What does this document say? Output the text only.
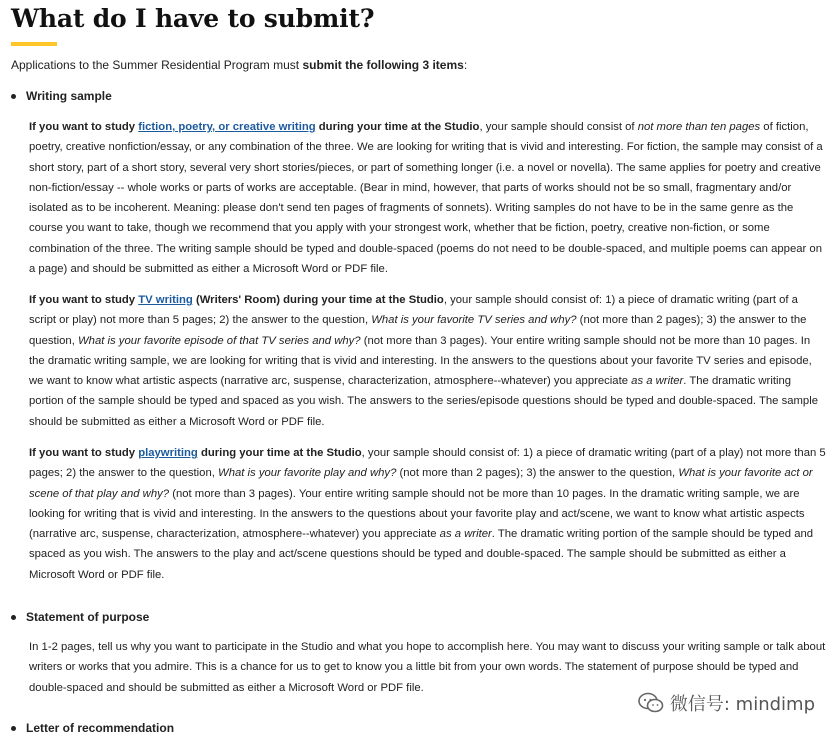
What do I have to submit?

Applications to the Summer Residential Program must submit the following 3 items:

Writing sample

If you want to study fiction, poetry, or creative writing during your time at the Studio, your sample should consist of not more than ten pages of fiction, poetry, creative nonfiction/essay, or any combination of the three. We are looking for writing that is vivid and interesting. For fiction, the sample may consist of a short story, part of a short story, several very short stories/pieces, or part of something longer (i.e. a novel or novella). The same applies for poetry and creative non-fiction/essay -- whole works or parts of works are acceptable. (Bear in mind, however, that parts of works should not be so small, fragmentary and/or isolated as to be incoherent. Meaning: please don't send ten pages of fragments of sonnets). Writing samples do not have to be in the same genre as the course you want to take, though we recommend that you apply with your strongest work, whether that be fiction, poetry, creative non-fiction, or some combination of the three. The writing sample should be typed and double-spaced (poems do not need to be double-spaced, and multiple poems can appear on a page) and should be submitted as either a Microsoft Word or PDF file.

If you want to study TV writing (Writers' Room) during your time at the Studio, your sample should consist of: 1) a piece of dramatic writing (part of a script or play) not more than 5 pages; 2) the answer to the question, What is your favorite TV series and why? (not more than 2 pages); 3) the answer to the question, What is your favorite episode of that TV series and why? (not more than 3 pages). Your entire writing sample should not be more than 10 pages. In the dramatic writing sample, we are looking for writing that is vivid and interesting. In the answers to the questions about your favorite TV series and episode, we want to know what artistic aspects (narrative arc, suspense, characterization, atmosphere--whatever) you appreciate as a writer. The dramatic writing portion of the sample should be typed and spaced as you wish. The answers to the series/episode questions should be typed and double-spaced. The sample should be submitted as either a Microsoft Word or PDF file.

If you want to study playwriting during your time at the Studio, your sample should consist of: 1) a piece of dramatic writing (part of a play) not more than 5 pages; 2) the answer to the question, What is your favorite play and why? (not more than 2 pages); 3) the answer to the question, What is your favorite act or scene of that play and why? (not more than 3 pages). Your entire writing sample should not be more than 10 pages. In the dramatic writing sample, we are looking for writing that is vivid and interesting. In the answers to the questions about your favorite play and act/scene, we want to know what artistic aspects (narrative arc, suspense, characterization, atmosphere--whatever) you appreciate as a writer. The dramatic writing portion of the sample should be typed and spaced as you wish. The answers to the play and act/scene questions should be typed and double-spaced. The sample should be submitted as either a Microsoft Word or PDF file.

Statement of purpose

In 1-2 pages, tell us why you want to participate in the Studio and what you hope to accomplish here. You may want to discuss your writing sample or talk about writers or works that you admire. This is a chance for us to get to know you a little bit from your own words. The statement of purpose should be typed and double-spaced and should be submitted as either a Microsoft Word or PDF file.

Letter of recommendation

微信号: mindimp
